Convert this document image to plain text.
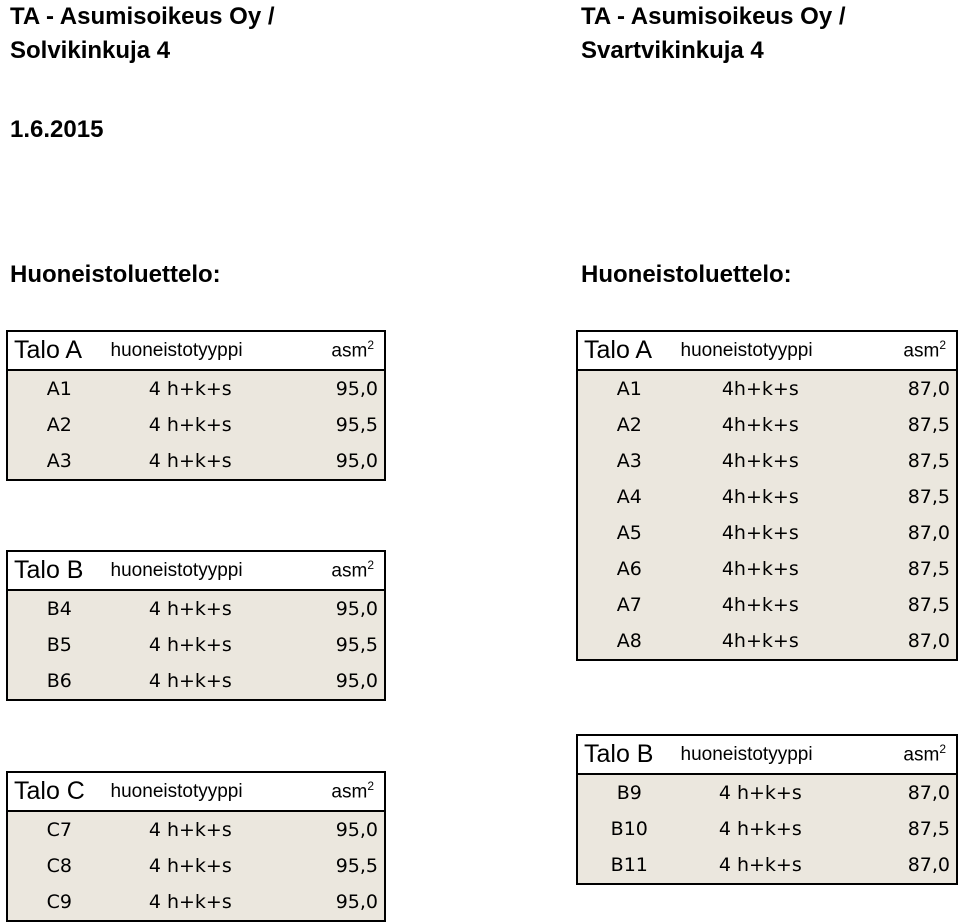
TA - Asumisoikeus Oy /
Solvikinkuja 4
1.6.2015
Huoneistoluettelo:
TA - Asumisoikeus Oy /
Svartvikinkuja 4
Huoneistoluettelo:
Talo A	huoneistotyyppi	asm$^2$
A1	4 h+k+s	95,0
A2	4 h+k+s	95,5
A3	4 h+k+s	95,0
Talo B	huoneistotyyppi	asm$^2$
B4	4 h+k+s	95,0
B5	4 h+k+s	95,5
B6	4 h+k+s	95,0
Talo C	huoneistotyyppi	asm$^2$
C7	4 h+k+s	95,0
C8	4 h+k+s	95,5
C9	4 h+k+s	95,0
Talo A	huoneistotyyppi	asm$^2$
A1	4h+k+s	87,0
A2	4h+k+s	87,5
A3	4h+k+s	87,5
A4	4h+k+s	87,5
A5	4h+k+s	87,0
A6	4h+k+s	87,5
A7	4h+k+s	87,5
A8	4h+k+s	87,0
Talo B	huoneistotyyppi	asm$^2$
B9	4 h+k+s	87,0
B10	4 h+k+s	87,5
B11	4 h+k+s	87,0
